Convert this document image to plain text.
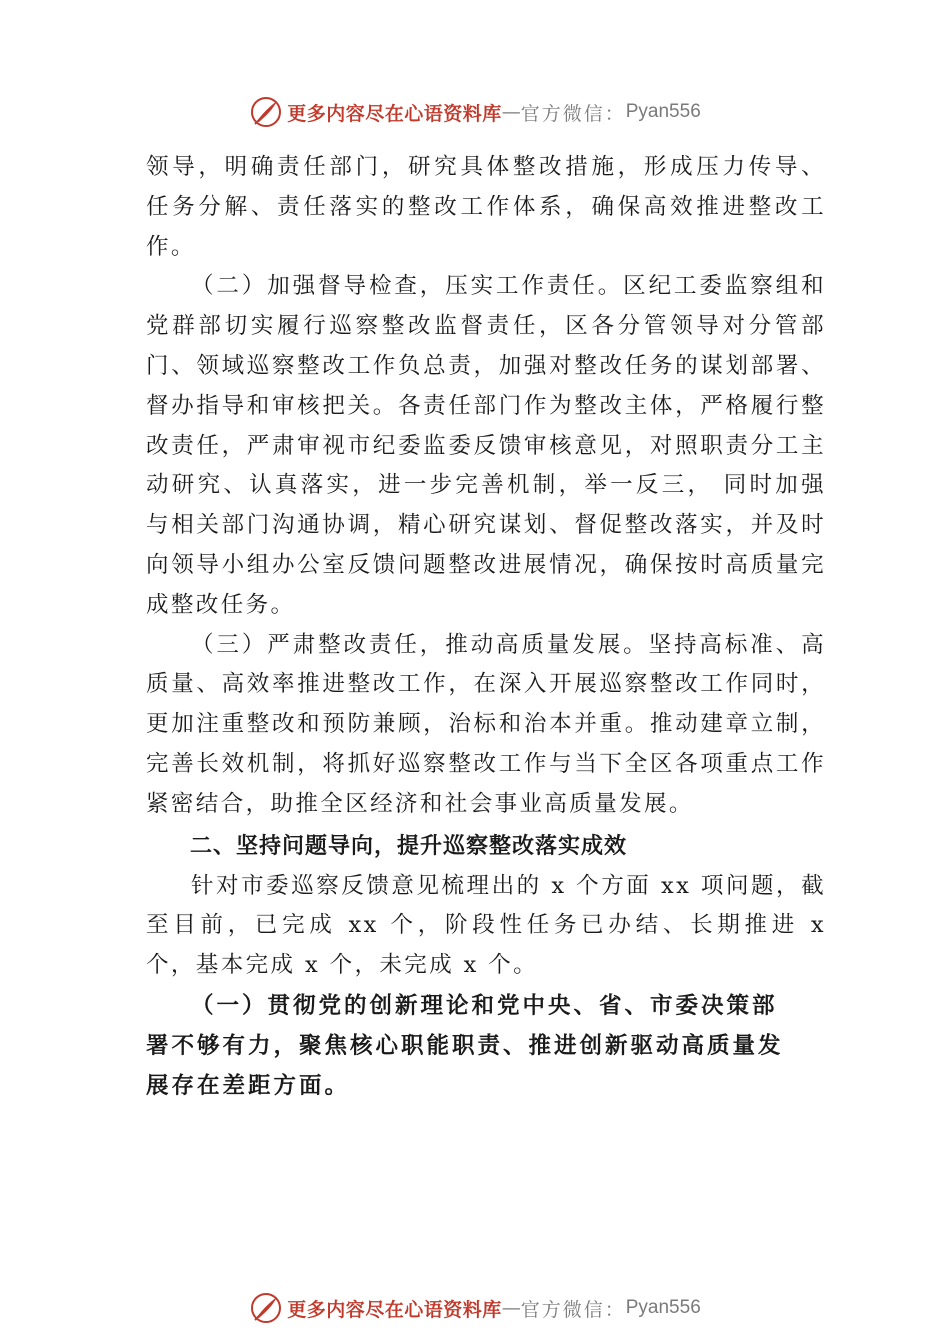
更多内容尽在心语资料库 — 官方微信： Pyan556

领导，明确责任部门，研究具体整改措施，形成压力传导、 任务分解、责任落实的整改工作体系，确保高效推进整改工作。

（二）加强督导检查，压实工作责任。区纪工委监察组和党群部切实履行巡察整改监督责任，区各分管领导对分管部门、领域巡察整改工作负总责，加强对整改任务的谋划部署、督办指导和审核把关。各责任部门作为整改主体，严格履行整改责任，严肃审视市纪委监委反馈审核意见，对照职责分工主动研究、认真落实，进一步完善机制，举一反三， 同时加强与相关部门沟通协调，精心研究谋划、督促整改落实，并及时向领导小组办公室反馈问题整改进展情况，确保按时高质量完成整改任务。

（三）严肃整改责任，推动高质量发展。坚持高标准、高质量、高效率推进整改工作，在深入开展巡察整改工作同时，更加注重整改和预防兼顾，治标和治本并重。推动建章立制，完善长效机制，将抓好巡察整改工作与当下全区各项重点工作紧密结合，助推全区经济和社会事业高质量发展。

二、坚持问题导向，提升巡察整改落实成效

针对市委巡察反馈意见梳理出的 x 个方面 xx 项问题，截至目前，已完成 xx 个，阶段性任务已办结、长期推进 x 个，基本完成 x 个，未完成 x 个。

（一）贯彻党的创新理论和党中央、省、市委决策部署不够有力，聚焦核心职能职责、推进创新驱动高质量发展存在差距方面。

更多内容尽在心语资料库 — 官方微信： Pyan556
